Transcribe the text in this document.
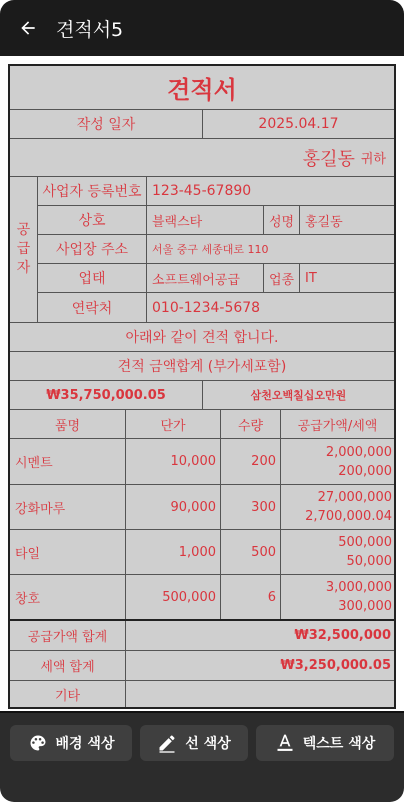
견적서5
견적서
작성 일자	2025.04.17
홍길동 귀하
공
급
자
사업자 등록번호 123-45-67890
상호	블랙스타	성명 홍길동
사업장 주소	서울 중구 세종대로 110
업태	소프트웨어공급	업종 IT
연락처	010-1234-5678
아래와 같이 견적 합니다.
견적 금액합계 (부가세포함)
₩35,750,000.05	삼천오백칠십오만원
품명	단가	수량	공급가액/세액
시멘트	10,000	200
2,000,000
200,000
강화마루	90,000	300
27,000,000
2,700,000.04
타일	1,000	500
500,000
50,000
창호	500,000	6
3,000,000
300,000
공급가액 합계	₩32,500,000
세액 합계	₩3,250,000.05
기타
배경 색상	선 색상	텍스트 색상
